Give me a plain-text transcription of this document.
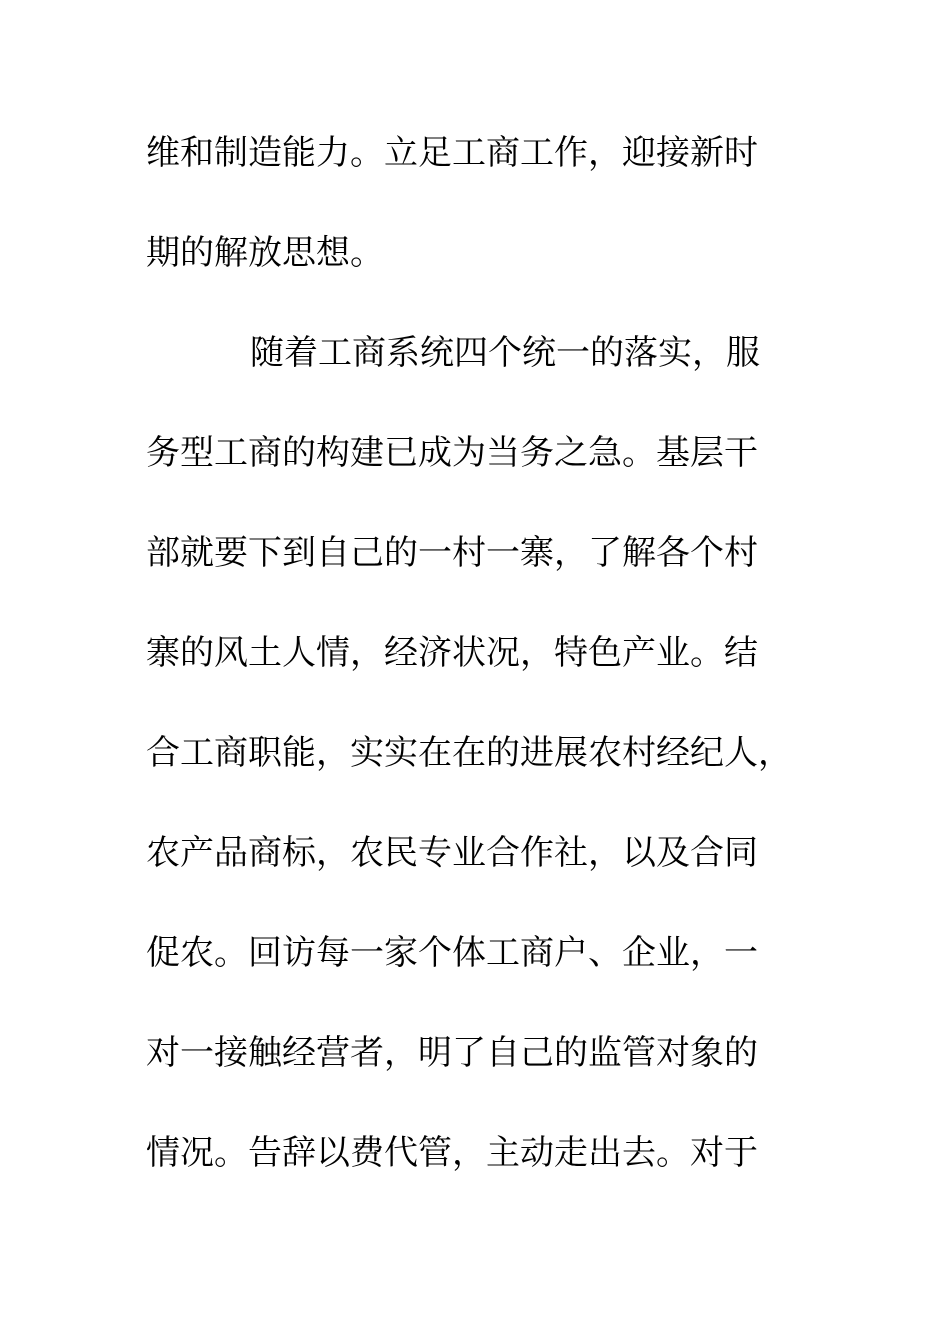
维和制造能力。立足工商工作，迎接新时
期的解放思想。
随着工商系统四个统一的落实，服
务型工商的构建已成为当务之急。基层干
部就要下到自己的一村一寨，了解各个村
寨的风土人情，经济状况，特色产业。结
合工商职能，实实在在的进展农村经纪人，
农产品商标，农民专业合作社，以及合同
促农。回访每一家个体工商户、企业，一
对一接触经营者，明了自己的监管对象的
情况。告辞以费代管，主动走出去。对于
